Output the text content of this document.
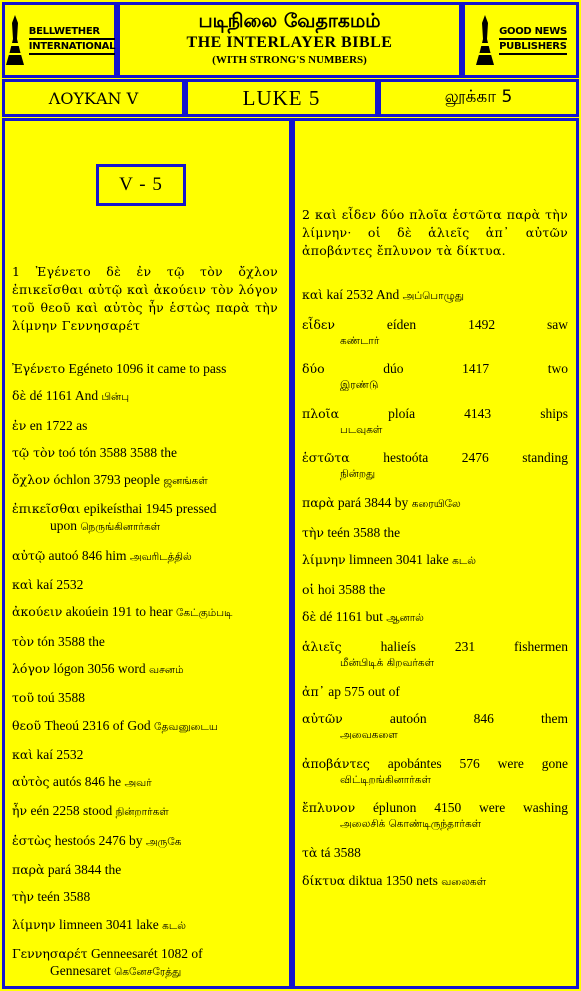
BELLWETHER
INTERNATIONAL
படிநிலை வேதாகமம்
THE INTERLAYER BIBLE
(WITH STRONG'S NUMBERS)
GOOD NEWS
PUBLISHERS
ΛΟΥΚΑΝ V	LUKE 5	லூக்கா 5
V - 5
1 Ἐγένετο δὲ ἐν τῷ τὸν ὄχλον ἐπικεῖσθαι αὐτῷ καὶ ἀκούειν τὸν λόγον τοῦ θεοῦ καὶ αὐτὸς ἦν ἑστὼς παρὰ τὴν λίμνην Γεννησαρέτ
Ἐγένετο Egéneto 1096 it came to pass
δὲ dé 1161 And பின்பு
ἐν en 1722 as
τῷ τὸν toó tón 3588 3588 the
ὄχλον óchlon 3793 people ஜனங்கள்
ἐπικεῖσθαι epikeísthai 1945 pressed
upon நெருங்கினார்கள்
αὐτῷ autoó 846 him அவரிடத்தில்
καὶ kaí 2532
ἀκούειν akoúein 191 to hear கேட்கும்படி
τὸν tón 3588 the
λόγον lógon 3056 word வசனம்
τοῦ toú 3588
θεοῦ Theoú 2316 of God தேவனுடைய
καὶ kaí 2532
αὐτὸς autós 846 he அவர்
ἦν eén 2258 stood நின்றார்கள்
ἑστὼς hestoós 2476 by அருகே
παρὰ pará 3844 the
τὴν teén 3588
λίμνην limneen 3041 lake கடல்
Γεννησαρέτ Genneesarét 1082 of
Gennesaret கெனேசரேத்து
2 καὶ εἶδεν δύο πλοῖα ἑστῶτα παρὰ τὴν λίμνην· οἱ δὲ ἁλιεῖς ἀπ᾽ αὐτῶν ἀποβάντες ἔπλυνον τὰ δίκτυα.
καὶ kaí 2532 And அப்பொழுது
εἶδεν	eíden	1492	saw
கண்டார்
δύο	dúo	1417	two
இரண்டு
πλοῖα	ploía	4143	ships
படவுகள்
ἑστῶτα hestoóta 2476 standing
நின்றது
παρὰ pará 3844 by கரையிலே
τὴν teén 3588 the
λίμνην limneen 3041 lake கடல்
οἱ hoi 3588 the
δὲ dé 1161 but ஆனால்
ἁλιεῖς	halieís	231	fishermen
மீன்பிடிக் கிறவர்கள்
ἀπ᾽ ap 575 out of
αὐτῶν	autoón	846	them
அவைகளை
ἀποβάντες apobántes 576 were gone
விட்டிறங்கினார்கள்
ἔπλυνον éplunon 4150 were washing
அலைசிக் கொண்டிருந்தார்கள்
τὰ tá 3588
δίκτυα diktua 1350 nets வலைகள்
